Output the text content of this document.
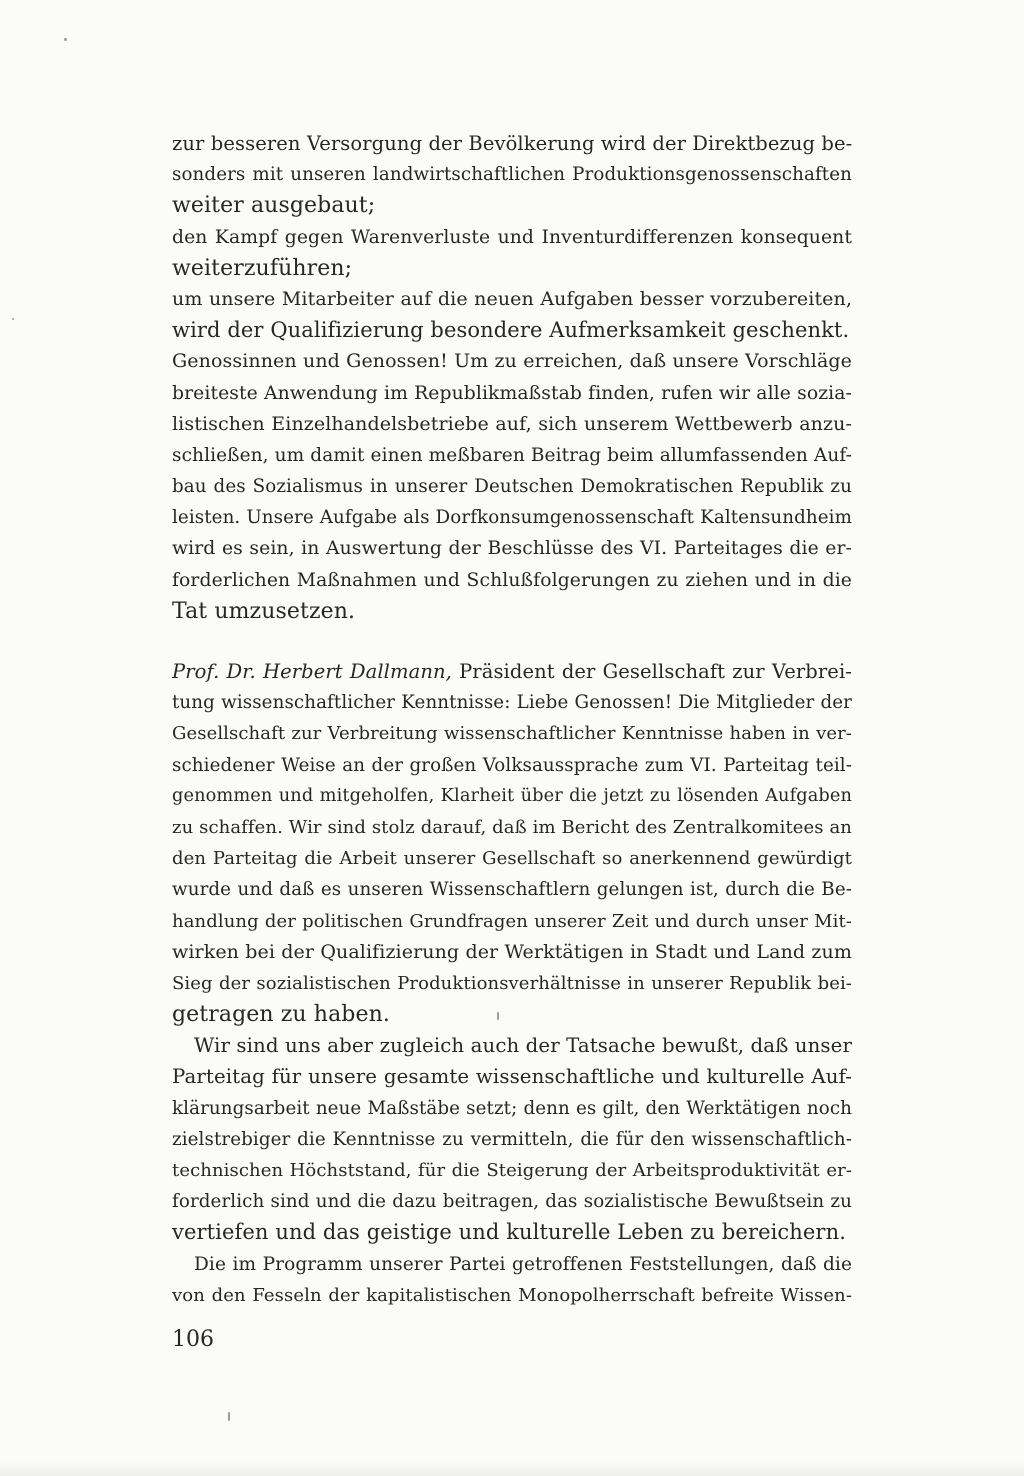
zur besseren Versorgung der Bevölkerung wird der Direktbezug be-
sonders mit unseren landwirtschaftlichen Produktionsgenossenschaften
weiter ausgebaut;
den Kampf gegen Warenverluste und Inventurdifferenzen konsequent
weiterzuführen;
um unsere Mitarbeiter auf die neuen Aufgaben besser vorzubereiten,
wird der Qualifizierung besondere Aufmerksamkeit geschenkt.
Genossinnen und Genossen! Um zu erreichen, daß unsere Vorschläge
breiteste Anwendung im Republikmaßstab finden, rufen wir alle sozia-
listischen Einzelhandelsbetriebe auf, sich unserem Wettbewerb anzu-
schließen, um damit einen meßbaren Beitrag beim allumfassenden Auf-
bau des Sozialismus in unserer Deutschen Demokratischen Republik zu
leisten. Unsere Aufgabe als Dorfkonsumgenossenschaft Kaltensundheim
wird es sein, in Auswertung der Beschlüsse des VI. Parteitages die er-
forderlichen Maßnahmen und Schlußfolgerungen zu ziehen und in die
Tat umzusetzen.
Prof. Dr. Herbert Dallmann, Präsident der Gesellschaft zur Verbrei-
tung wissenschaftlicher Kenntnisse: Liebe Genossen! Die Mitglieder der
Gesellschaft zur Verbreitung wissenschaftlicher Kenntnisse haben in ver-
schiedener Weise an der großen Volksaussprache zum VI. Parteitag teil-
genommen und mitgeholfen, Klarheit über die jetzt zu lösenden Aufgaben
zu schaffen. Wir sind stolz darauf, daß im Bericht des Zentralkomitees an
den Parteitag die Arbeit unserer Gesellschaft so anerkennend gewürdigt
wurde und daß es unseren Wissenschaftlern gelungen ist, durch die Be-
handlung der politischen Grundfragen unserer Zeit und durch unser Mit-
wirken bei der Qualifizierung der Werktätigen in Stadt und Land zum
Sieg der sozialistischen Produktionsverhältnisse in unserer Republik bei-
getragen zu haben.
Wir sind uns aber zugleich auch der Tatsache bewußt, daß unser
Parteitag für unsere gesamte wissenschaftliche und kulturelle Auf-
klärungsarbeit neue Maßstäbe setzt; denn es gilt, den Werktätigen noch
zielstrebiger die Kenntnisse zu vermitteln, die für den wissenschaftlich-
technischen Höchststand, für die Steigerung der Arbeitsproduktivität er-
forderlich sind und die dazu beitragen, das sozialistische Bewußtsein zu
vertiefen und das geistige und kulturelle Leben zu bereichern.
Die im Programm unserer Partei getroffenen Feststellungen, daß die
von den Fesseln der kapitalistischen Monopolherrschaft befreite Wissen-
106
